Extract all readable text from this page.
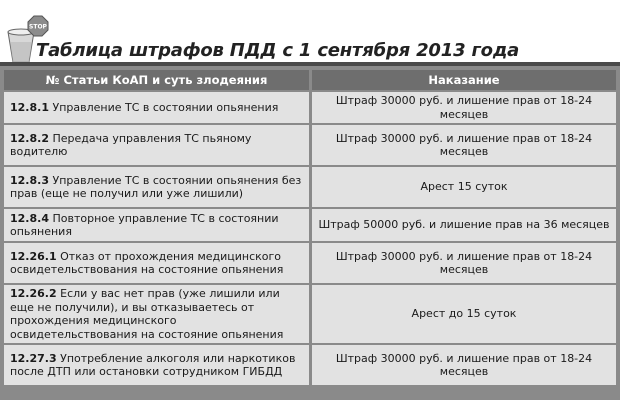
STOP
Таблица штрафов ПДД с 1 сентября 2013 года
№ Статьи КоАП и суть злодеяния	Наказание
12.8.1 Управление ТС в состоянии опьянения	Штраф 30000 руб. и лишение прав от 18-24 месяцев
12.8.2 Передача управления ТС пьяному водителю	Штраф 30000 руб. и лишение прав от 18-24 месяцев
12.8.3 Управление ТС в состоянии опьянения без прав (еще не получил или уже лишили)	Арест 15 суток
12.8.4 Повторное управление ТС в состоянии опьянения	Штраф 50000 руб. и лишение прав на 36 месяцев
12.26.1 Отказ от прохождения медицинского освидетельствования на состояние опьянения	Штраф 30000 руб. и лишение прав от 18-24 месяцев
12.26.2 Если у вас нет прав (уже лишили или еще не получили), и вы отказываетесь от прохождения медицинского освидетельствования на состояние опьянения	Арест до 15 суток
12.27.3 Употребление алкоголя или наркотиков после ДТП или остановки сотрудником ГИБДД	Штраф 30000 руб. и лишение прав от 18-24 месяцев
